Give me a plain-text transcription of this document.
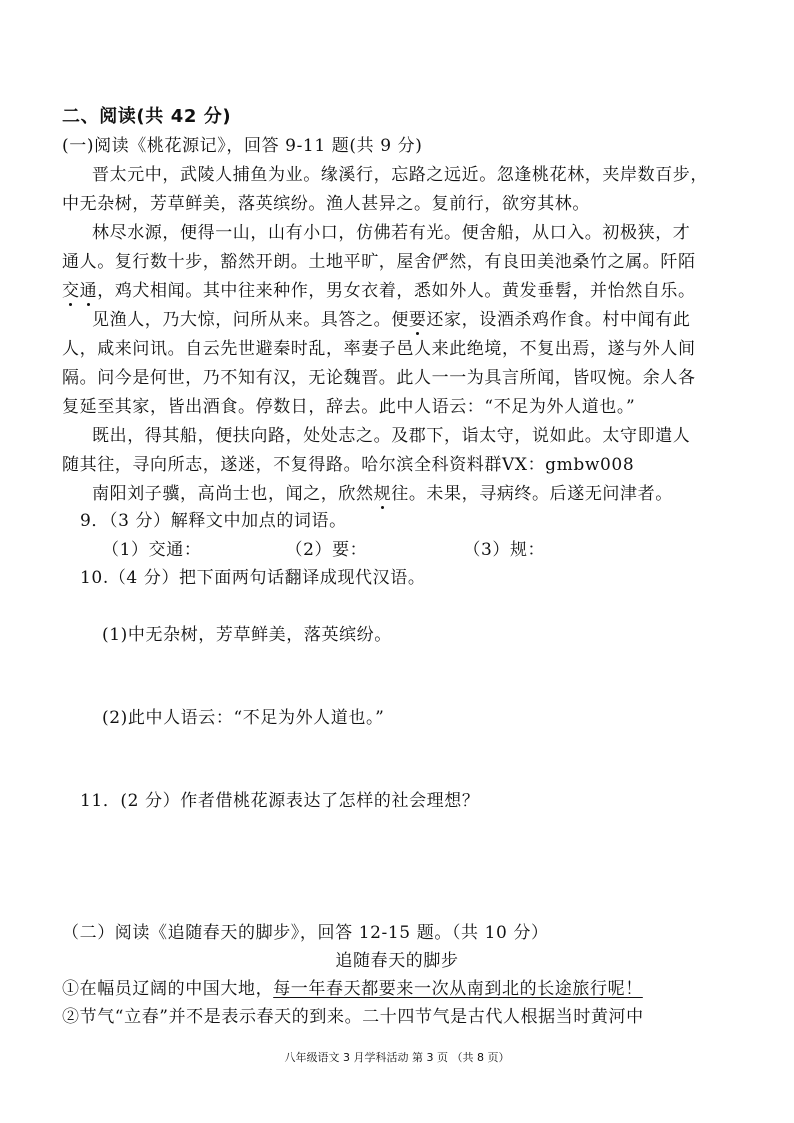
二、阅读(共 42 分)
(一)阅读《桃花源记》，回答 9-11 题(共 9 分)
晋太元中，武陵人捕鱼为业。缘溪行，忘路之远近。忽逢桃花林，夹岸数百步，
中无杂树，芳草鲜美，落英缤纷。渔人甚异之。复前行，欲穷其林。
林尽水源，便得一山，山有小口，仿佛若有光。便舍船，从口入。初极狭，才
通人。复行数十步，豁然开朗。土地平旷，屋舍俨然，有良田美池桑竹之属。阡陌
交通，鸡犬相闻。其中往来种作，男女衣着，悉如外人。黄发垂髫，并怡然自乐。
见渔人，乃大惊，问所从来。具答之。便要还家，设酒杀鸡作食。村中闻有此
人，咸来问讯。自云先世避秦时乱，率妻子邑人来此绝境，不复出焉，遂与外人间
隔。问今是何世，乃不知有汉，无论魏晋。此人一一为具言所闻，皆叹惋。余人各
复延至其家，皆出酒食。停数日，辞去。此中人语云：“不足为外人道也。”
既出，得其船，便扶向路，处处志之。及郡下，诣太守，说如此。太守即遣人
随其往，寻向所志，遂迷，不复得路。哈尔滨全科资料群VX：gmbw008
南阳刘子骥，高尚士也，闻之，欣然规往。未果，寻病终。后遂无问津者。
9．（3 分）解释文中加点的词语。
（1）交通：              （2）要：                （3）规：
10.（4 分）把下面两句话翻译成现代汉语。
(1)中无杂树，芳草鲜美，落英缤纷。
(2)此中人语云：“不足为外人道也。”
11．(2 分）作者借桃花源表达了怎样的社会理想？
（二）阅读《追随春天的脚步》，回答 12-15 题。（共 10 分）
追随春天的脚步
①在幅员辽阔的中国大地，每一年春天都要来一次从南到北的长途旅行呢！
②节气“立春”并不是表示春天的到来。二十四节气是古代人根据当时黄河中
八年级语文 3 月学科活动 第 3 页 （共 8 页）
